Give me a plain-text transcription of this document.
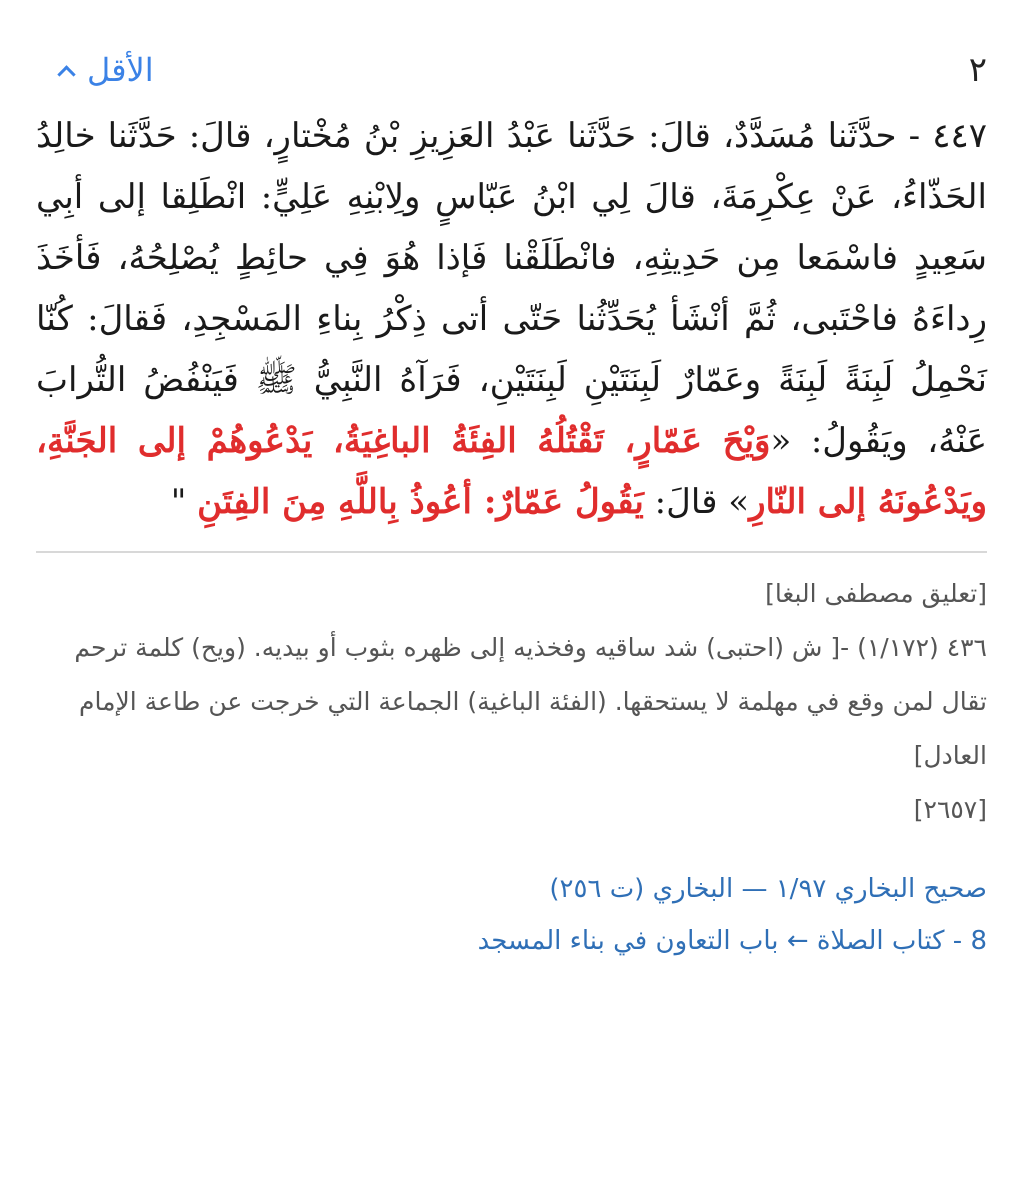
٢
الأقل
٤٤٧ - حدَّثَنا مُسَدَّدٌ، قالَ: حَدَّثَنا عَبْدُ العَزِيزِ بْنُ مُخْتارٍ، قالَ: حَدَّثَنا خالِدُ الحَذّاءُ، عَنْ عِكْرِمَةَ، قالَ لِي ابْنُ عَبّاسٍ ولِابْنِهِ عَلِيٍّ: انْطَلِقا إلى أبِي سَعِيدٍ فاسْمَعا مِن حَدِيثِهِ، فانْطَلَقْنا فَإذا هُوَ فِي حائِطٍ يُصْلِحُهُ، فَأخَذَ رِداءَهُ فاحْتَبى، ثُمَّ أنْشَأ يُحَدِّثُنا حَتّى أتى ذِكْرُ بِناءِ المَسْجِدِ، فَقالَ: كُنّا نَحْمِلُ لَبِنَةً لَبِنَةً وعَمّارٌ لَبِنَتَيْنِ لَبِنَتَيْنِ، فَرَآهُ النَّبِيُّ ﷺ فَيَنْفُضُ التُّرابَ عَنْهُ، ويَقُولُ: «وَيْحَ عَمّارٍ، تَقْتُلُهُ الفِئَةُ الباغِيَةُ، يَدْعُوهُمْ إلى الجَنَّةِ، ويَدْعُونَهُ إلى النّارِ» قالَ: يَقُولُ عَمّارٌ: أعُوذُ بِاللَّهِ مِنَ الفِتَنِ "

[تعليق مصطفى البغا]

٤٣٦ (١/١٧٢) -[ ش (احتبى) شد ساقيه وفخذيه إلى ظهره بثوب أو بيديه. (ويح) كلمة ترحم تقال لمن وقع في مهلمة لا يستحقها. (الفئة الباغية) الجماعة التي خرجت عن طاعة الإمام العادل]

[٢٦٥٧]

صحيح البخاري ١/٩٧ — البخاري (ت ٢٥٦)
8 - كتاب الصلاة ← باب التعاون في بناء المسجد
